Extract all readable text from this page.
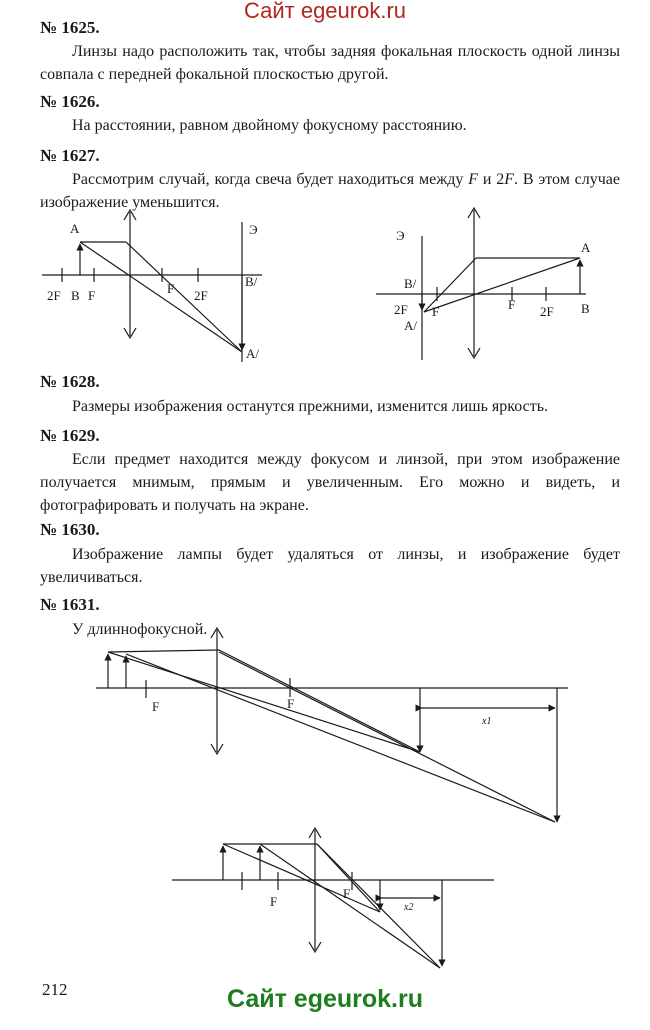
Сайт egeurok.ru
№ 1625.

Линзы надо расположить так, чтобы задняя фокальная плоскость одной линзы совпала с передней фокальной плоскостью другой.

№ 1626.

На расстоянии, равном двойному фокусному расстоянию.

№ 1627.

Рассмотрим случай, когда свеча будет находиться между F и 2F. В этом случае изображение уменьшится.

№ 1628.

Размеры изображения останутся прежними, изменится лишь яркость.

№ 1629.

Если предмет находится между фокусом и линзой, при этом изображение получается мнимым, прямым и увеличенным. Его можно и видеть, и фотографировать и получать на экране.

№ 1630.

Изображение лампы будет удаляться от линзы, и изображение будет увеличиваться.

№ 1631.

У длиннофокусной.

A
B
2F F	F 2F
Э
B/
A/
Э
A
B
B/
2F F
A/
F 2F
F	F
x1
F
F
x2
212	Сайт egeurok.ru
